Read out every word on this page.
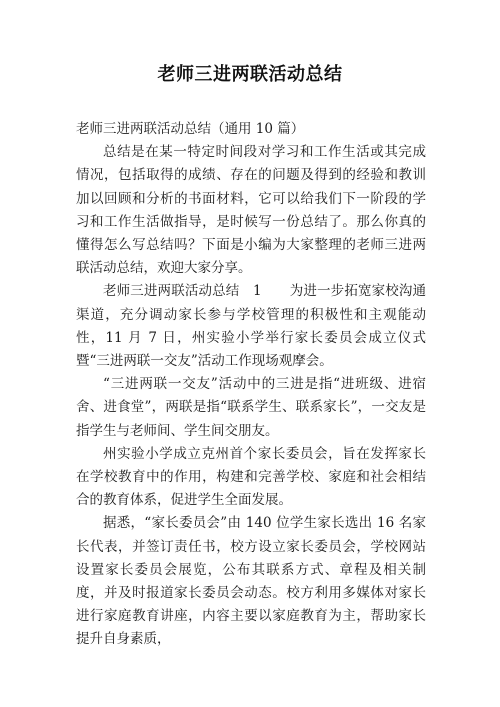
老师三进两联活动总结

老师三进两联活动总结（通用 10 篇）

总结是在某一特定时间段对学习和工作生活或其完成情况，包括取得的成绩、存在的问题及得到的经验和教训加以回顾和分析的书面材料，它可以给我们下一阶段的学习和工作生活做指导，是时候写一份总结了。那么你真的懂得怎么写总结吗？下面是小编为大家整理的老师三进两联活动总结，欢迎大家分享。

老师三进两联活动总结　1 为进一步拓宽家校沟通渠道，充分调动家长参与学校管理的积极性和主观能动性，11 月 7 日，州实验小学举行家长委员会成立仪式暨“三进两联一交友”活动工作现场观摩会。

“三进两联一交友”活动中的三进是指“进班级、进宿舍、进食堂”，两联是指“联系学生、联系家长”，一交友是指学生与老师间、学生间交朋友。

州实验小学成立克州首个家长委员会，旨在发挥家长在学校教育中的作用，构建和完善学校、家庭和社会相结合的教育体系，促进学生全面发展。

据悉，“家长委员会”由 140 位学生家长选出 16 名家长代表，并签订责任书，校方设立家长委员会，学校网站设置家长委员会展览，公布其联系方式、章程及相关制度，并及时报道家长委员会动态。校方利用多媒体对家长进行家庭教育讲座，内容主要以家庭教育为主，帮助家长提升自身素质，
